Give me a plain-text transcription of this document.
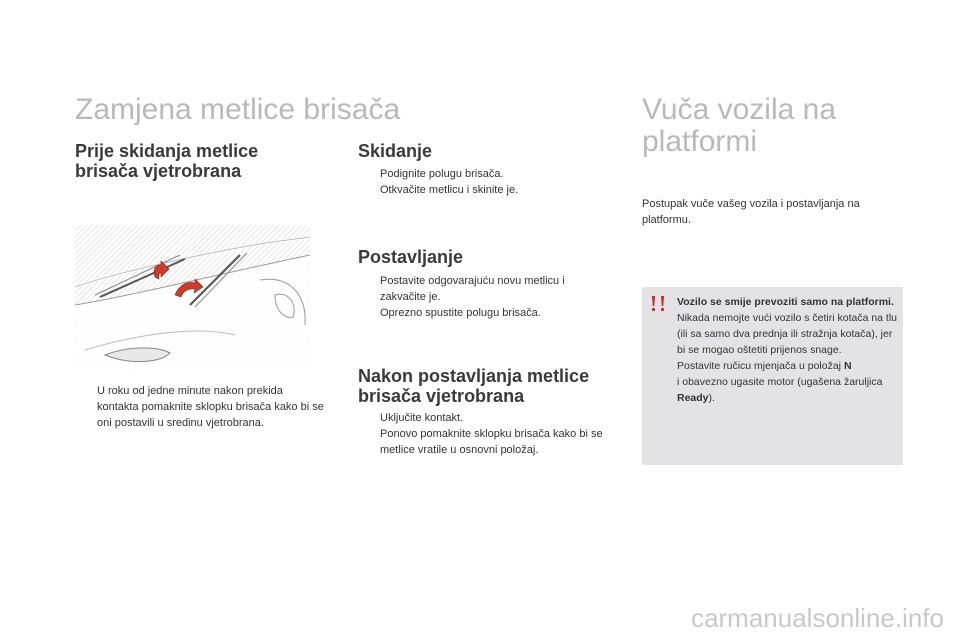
Zamjena metlice brisača
Prije skidanja metlice
brisača vjetrobrana
U roku od jedne minute nakon prekida kontakta pomaknite sklopku brisača kako bi se oni postavili u sredinu vjetrobrana.
Skidanje
Podignite polugu brisača.
Otkvačite metlicu i skinite je.
Postavljanje
Postavite odgovarajuću novu metlicu i zakvačite je.
Oprezno spustite polugu brisača.
Nakon postavljanja metlice
brisača vjetrobrana
Uključite kontakt.
Ponovo pomaknite sklopku brisača kako bi se metlice vratile u osnovni položaj.
Vuča vozila na
platformi
Postupak vuče vašeg vozila i postavljanja na platformu.
Vozilo se smije prevoziti samo na platformi.
Nikada nemojte vući vozilo s četiri kotača na tlu (ili sa samo dva prednja ili stražnja kotača), jer bi se mogao oštetiti prijenos snage.
Postavite ručicu mjenjača u položaj N
i obavezno ugasite motor (ugašena žaruljica Ready).
carmanualsonline.info
